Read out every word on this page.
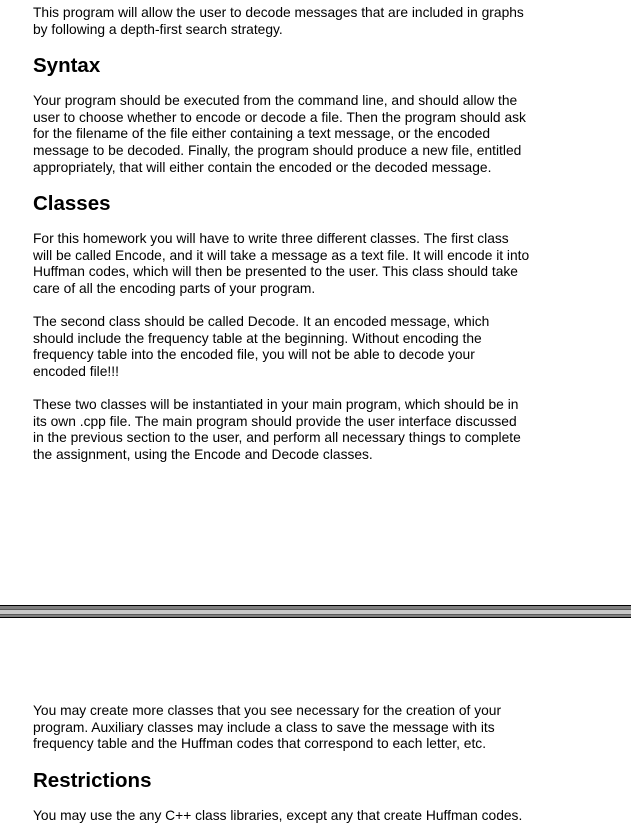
This program will allow the user to decode messages that are included in graphs

by following a depth-first search strategy.

Syntax

Your program should be executed from the command line, and should allow the

user to choose whether to encode or decode a file. Then the program should ask

for the filename of the file either containing a text message, or the encoded

message to be decoded. Finally, the program should produce a new file, entitled

appropriately, that will either contain the encoded or the decoded message.

Classes

For this homework you will have to write three different classes. The first class

will be called Encode, and it will take a message as a text file. It will encode it into

Huffman codes, which will then be presented to the user. This class should take

care of all the encoding parts of your program.

The second class should be called Decode. It an encoded message, which

should include the frequency table at the beginning. Without encoding the

frequency table into the encoded file, you will not be able to decode your

encoded file!!!

These two classes will be instantiated in your main program, which should be in

its own .cpp file. The main program should provide the user interface discussed

in the previous section to the user, and perform all necessary things to complete

the assignment, using the Encode and Decode classes.

You may create more classes that you see necessary for the creation of your

program. Auxiliary classes may include a class to save the message with its

frequency table and the Huffman codes that correspond to each letter, etc.

Restrictions

You may use the any C++ class libraries, except any that create Huffman codes.
